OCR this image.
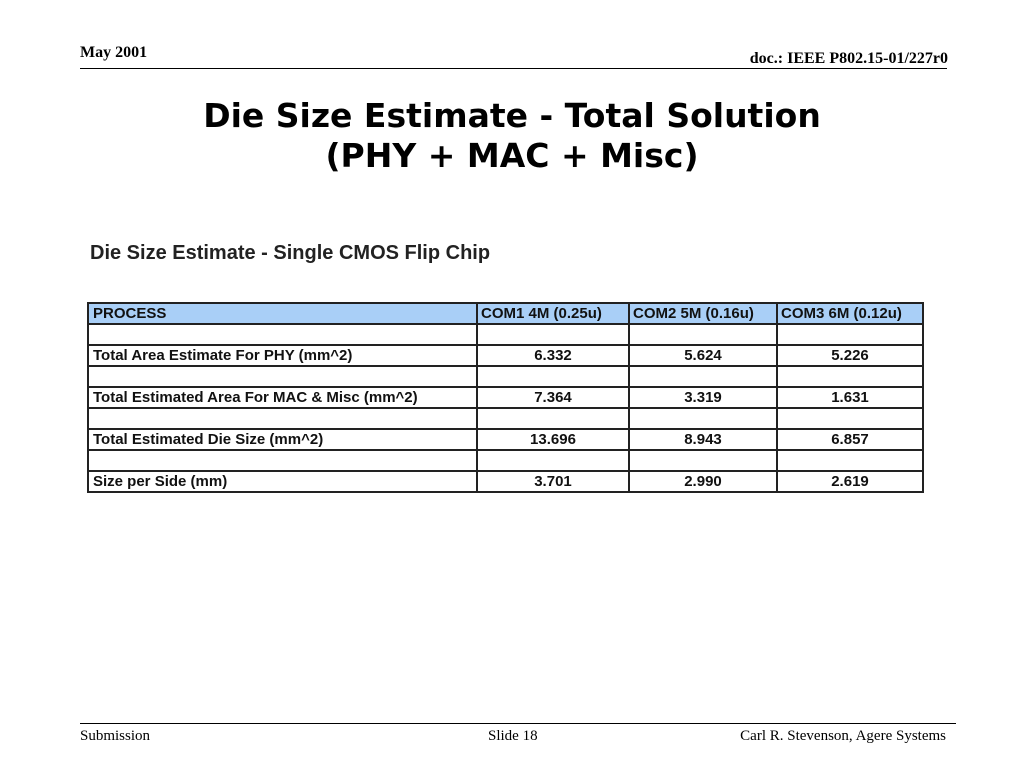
May 2001	doc.: IEEE P802.15-01/227r0
Die Size Estimate - Total Solution
(PHY + MAC + Misc)
Die Size Estimate - Single CMOS Flip Chip
PROCESS	COM1 4M (0.25u)	COM2 5M (0.16u)	COM3 6M (0.12u)

Total Area Estimate For PHY (mm^2)	6.332	5.624	5.226

Total Estimated Area For MAC & Misc (mm^2)	7.364	3.319	1.631

Total Estimated Die Size (mm^2)	13.696	8.943	6.857

Size per Side (mm)	3.701	2.990	2.619
Submission	Slide 18	Carl R. Stevenson, Agere Systems
